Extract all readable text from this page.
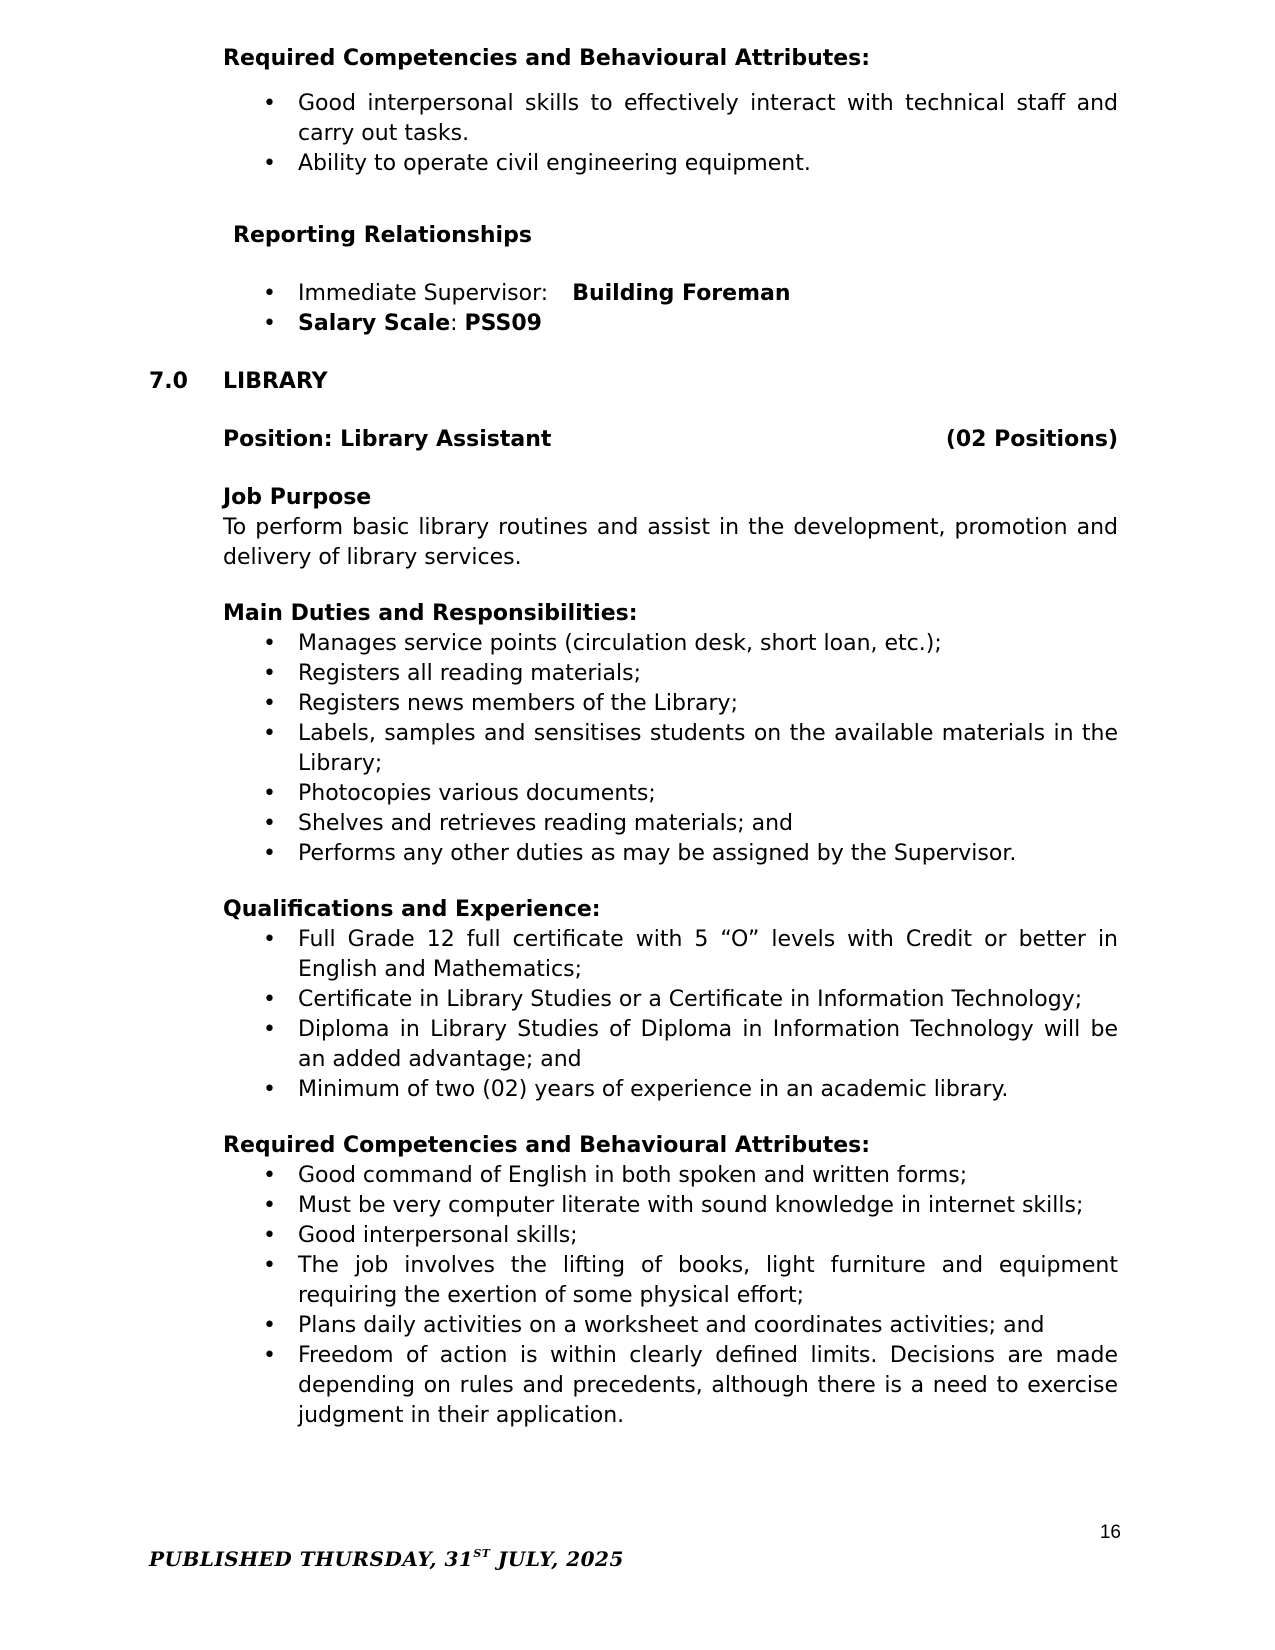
Required Competencies and Behavioural Attributes:

• Good interpersonal skills to effectively interact with technical staff and carry out tasks.
• Ability to operate civil engineering equipment.

Reporting Relationships

• Immediate Supervisor: Building Foreman
• Salary Scale: PSS09

7.0 LIBRARY

Position: Library Assistant	(02 Positions)

Job Purpose

To perform basic library routines and assist in the development, promotion and delivery of library services.

Main Duties and Responsibilities:

• Manages service points (circulation desk, short loan, etc.);
• Registers all reading materials;
• Registers news members of the Library;
• Labels, samples and sensitises students on the available materials in the Library;
• Photocopies various documents;
• Shelves and retrieves reading materials; and
• Performs any other duties as may be assigned by the Supervisor.

Qualifications and Experience:

• Full Grade 12 full certificate with 5 “O” levels with Credit or better in English and Mathematics;
• Certificate in Library Studies or a Certificate in Information Technology;
• Diploma in Library Studies of Diploma in Information Technology will be an added advantage; and
• Minimum of two (02) years of experience in an academic library.

Required Competencies and Behavioural Attributes:

• Good command of English in both spoken and written forms;
• Must be very computer literate with sound knowledge in internet skills;
• Good interpersonal skills;
• The job involves the lifting of books, light furniture and equipment requiring the exertion of some physical effort;
• Plans daily activities on a worksheet and coordinates activities; and
• Freedom of action is within clearly defined limits. Decisions are made depending on rules and precedents, although there is a need to exercise judgment in their application.
16
PUBLISHED THURSDAY, 31ST JULY, 2025
